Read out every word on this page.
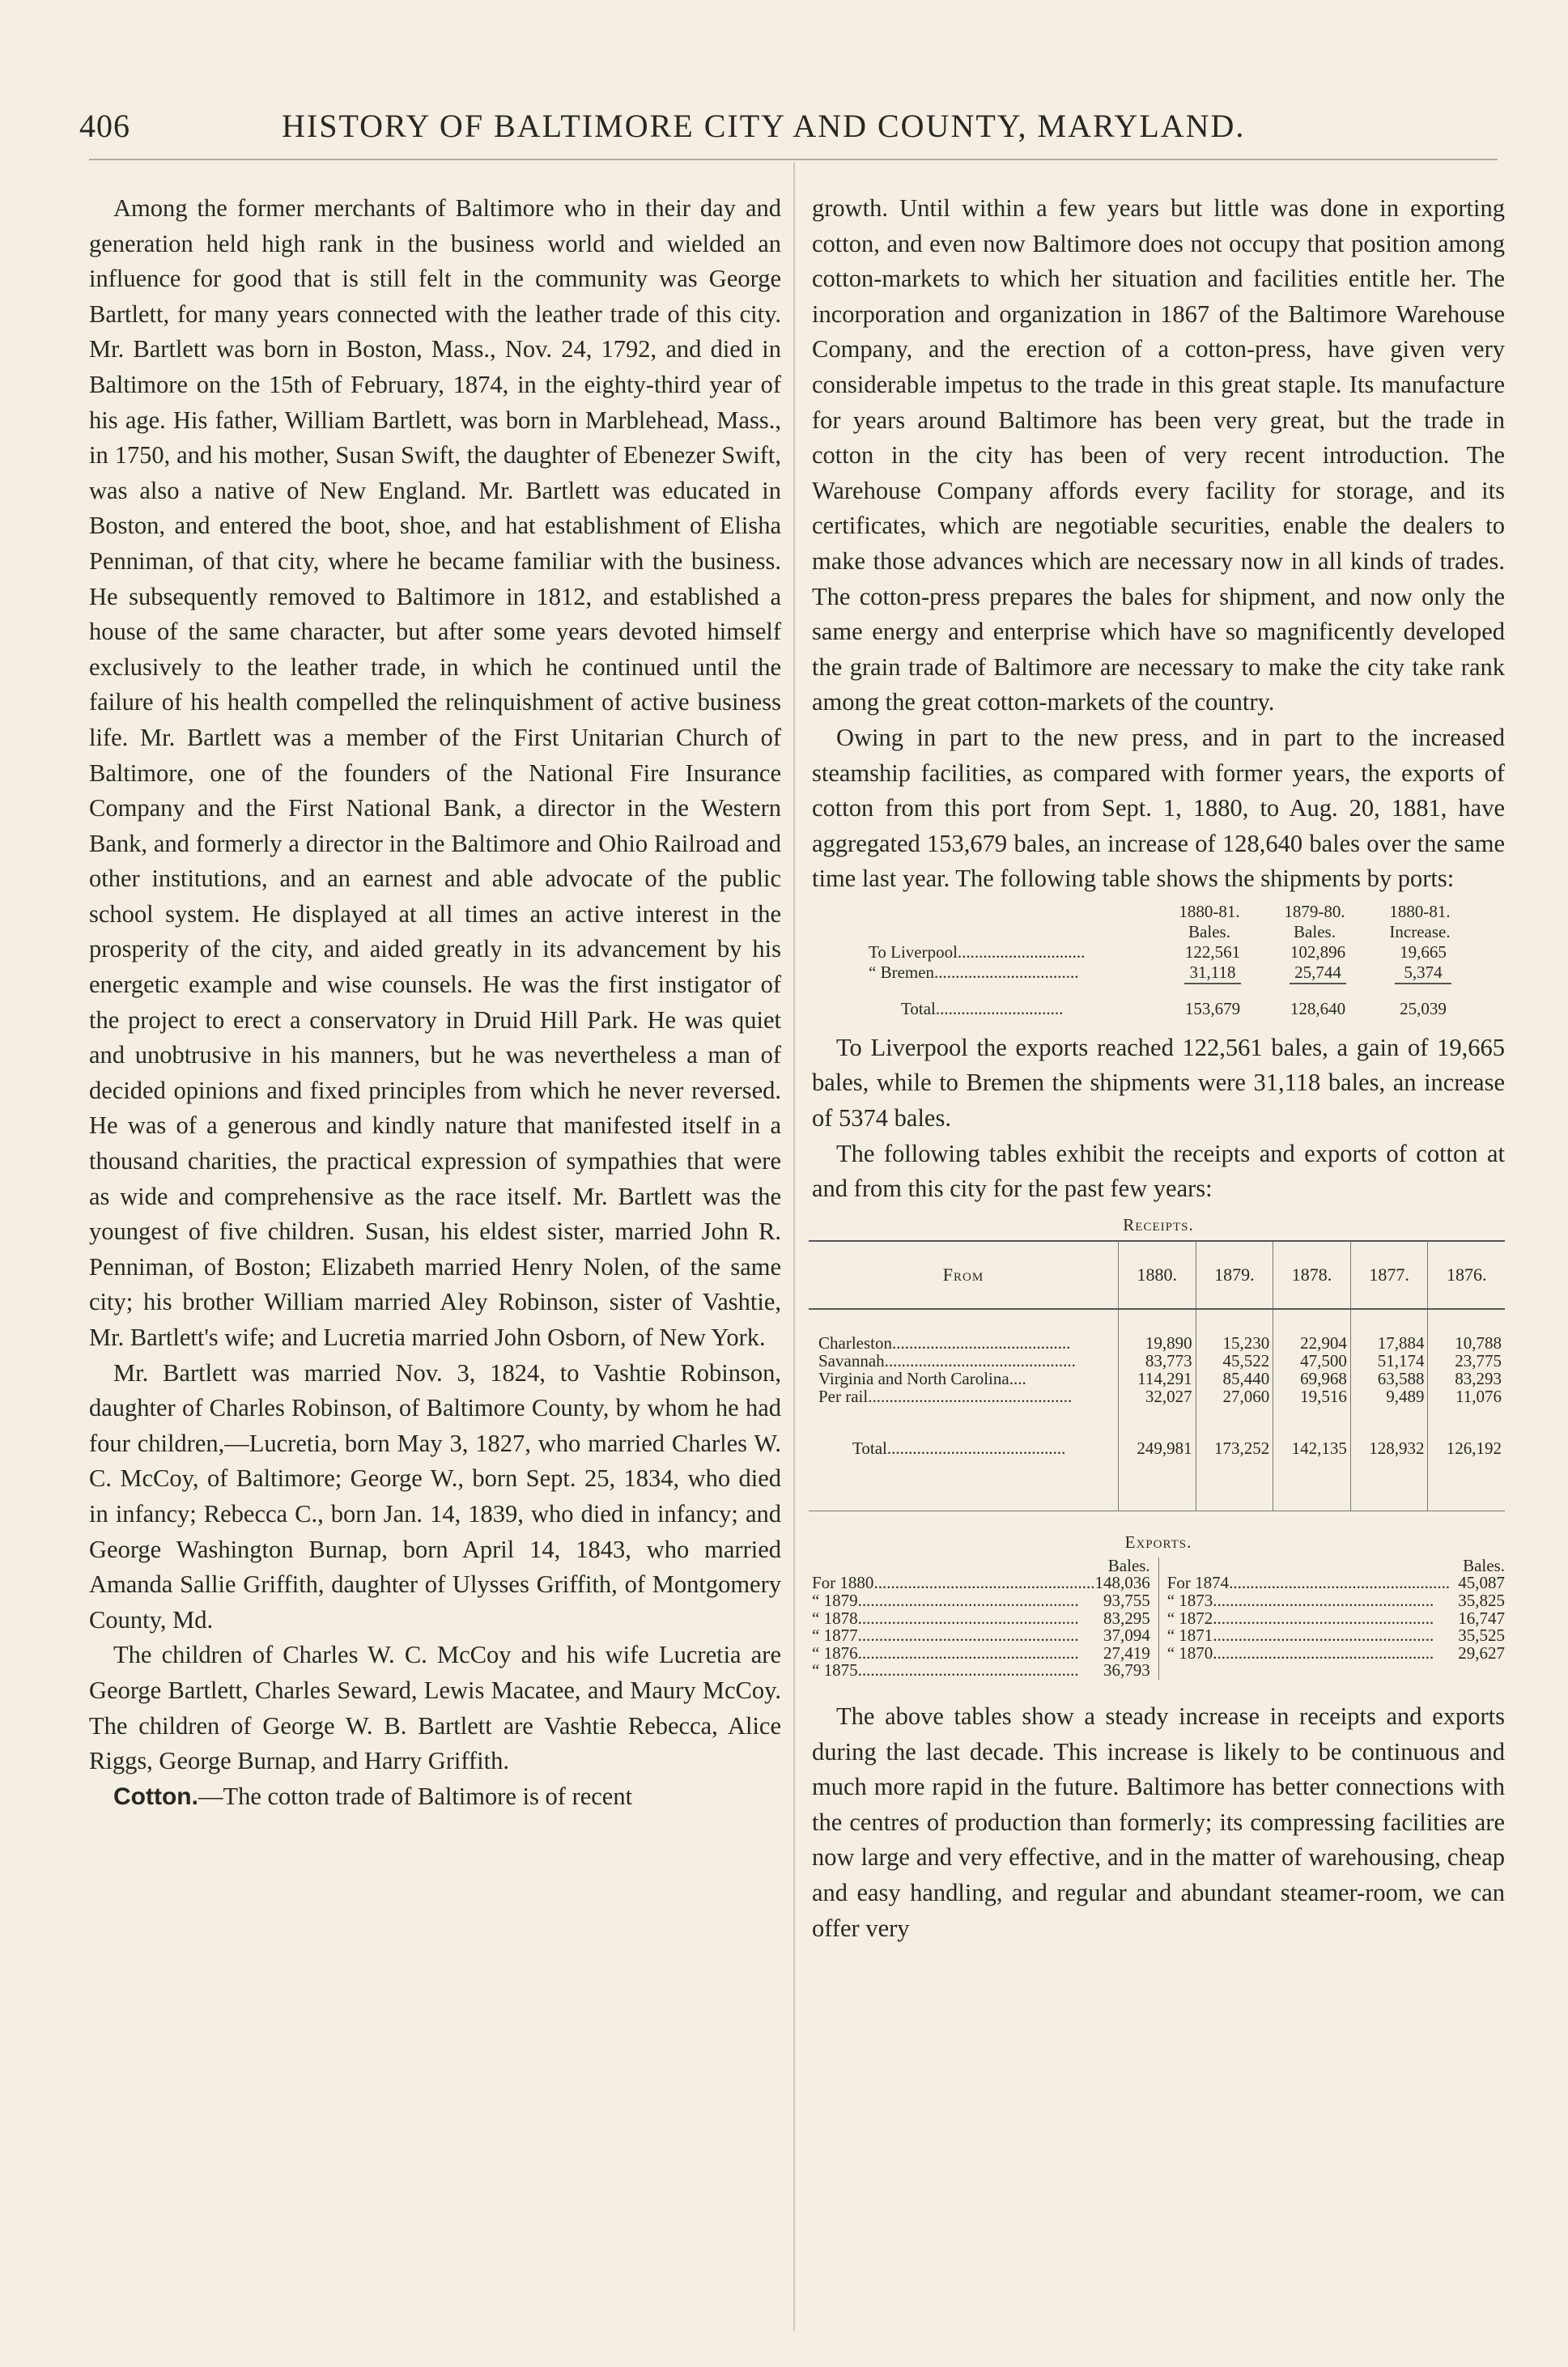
406	HISTORY OF BALTIMORE CITY AND COUNTY, MARYLAND.

Among the former merchants of Baltimore who in their day and generation held high rank in the business world and wielded an influence for good that is still felt in the community was George Bartlett, for many years connected with the leather trade of this city. Mr. Bartlett was born in Boston, Mass., Nov. 24, 1792, and died in Baltimore on the 15th of February, 1874, in the eighty-third year of his age. His father, William Bartlett, was born in Marblehead, Mass., in 1750, and his mother, Susan Swift, the daughter of Ebenezer Swift, was also a native of New England. Mr. Bartlett was educated in Boston, and entered the boot, shoe, and hat establishment of Elisha Penniman, of that city, where he became familiar with the business. He subsequently removed to Baltimore in 1812, and established a house of the same character, but after some years devoted himself exclusively to the leather trade, in which he continued until the failure of his health compelled the relinquishment of active business life. Mr. Bartlett was a member of the First Unitarian Church of Baltimore, one of the founders of the National Fire Insurance Company and the First National Bank, a director in the Western Bank, and formerly a director in the Baltimore and Ohio Railroad and other institutions, and an earnest and able advocate of the public school system. He displayed at all times an active interest in the prosperity of the city, and aided greatly in its advancement by his energetic example and wise counsels. He was the first instigator of the project to erect a conservatory in Druid Hill Park. He was quiet and unobtrusive in his manners, but he was nevertheless a man of decided opinions and fixed principles from which he never reversed. He was of a generous and kindly nature that manifested itself in a thousand charities, the practical expression of sympathies that were as wide and comprehensive as the race itself. Mr. Bartlett was the youngest of five children. Susan, his eldest sister, married John R. Penniman, of Boston; Elizabeth married Henry Nolen, of the same city; his brother William married Aley Robinson, sister of Vashtie, Mr. Bartlett's wife; and Lucretia married John Osborn, of New York.

Mr. Bartlett was married Nov. 3, 1824, to Vashtie Robinson, daughter of Charles Robinson, of Baltimore County, by whom he had four children,—Lucretia, born May 3, 1827, who married Charles W. C. McCoy, of Baltimore; George W., born Sept. 25, 1834, who died in infancy; Rebecca C., born Jan. 14, 1839, who died in infancy; and George Washington Burnap, born April 14, 1843, who married Amanda Sallie Griffith, daughter of Ulysses Griffith, of Montgomery County, Md.

The children of Charles W. C. McCoy and his wife Lucretia are George Bartlett, Charles Seward, Lewis Macatee, and Maury McCoy. The children of George W. B. Bartlett are Vashtie Rebecca, Alice Riggs, George Burnap, and Harry Griffith.

Cotton.—The cotton trade of Baltimore is of recent

growth. Until within a few years but little was done in exporting cotton, and even now Baltimore does not occupy that position among cotton-markets to which her situation and facilities entitle her. The incorporation and organization in 1867 of the Baltimore Warehouse Company, and the erection of a cotton-press, have given very considerable impetus to the trade in this great staple. Its manufacture for years around Baltimore has been very great, but the trade in cotton in the city has been of very recent introduction. The Warehouse Company affords every facility for storage, and its certificates, which are negotiable securities, enable the dealers to make those advances which are necessary now in all kinds of trades. The cotton-press prepares the bales for shipment, and now only the same energy and enterprise which have so magnificently developed the grain trade of Baltimore are necessary to make the city take rank among the great cotton-markets of the country.

Owing in part to the new press, and in part to the increased steamship facilities, as compared with former years, the exports of cotton from this port from Sept. 1, 1880, to Aug. 20, 1881, have aggregated 153,679 bales, an increase of 128,640 bales over the same time last year. The following table shows the shipments by ports:

1880-81.	1879-80.	1880-81.
Bales.	Bales.	Increase.
To Liverpool..............................	122,561	102,896	19,665
“ Bremen..................................	31,118	25,744	5,374
Total..............................	153,679	128,640	25,039

To Liverpool the exports reached 122,561 bales, a gain of 19,665 bales, while to Bremen the shipments were 31,118 bales, an increase of 5374 bales.

The following tables exhibit the receipts and exports of cotton at and from this city for the past few years:

Receipts.
From	1880.	1879.	1878.	1877.	1876.

Charleston..........................................	19,890	15,230	22,904	17,884	10,788
Savannah.............................................	83,773	45,522	47,500	51,174	23,775
Virginia and North Carolina....	114,291	85,440	69,968	63,588	83,293
Per rail................................................	32,027	27,060	19,516	9,489	11,076

Total..........................................	249,981	173,252	142,135	128,932	126,192

Exports.
Bales.
For 1880 .................................................... 148,036
“ 1879 ....................................................	93,755
“ 1878 ....................................................	83,295
“ 1877 ....................................................	37,094
“ 1876 ....................................................	27,419
“ 1875 ....................................................	36,793
Bales.
For 1874 .................................................... 45,087
“ 1873 ....................................................	35,825
“ 1872 ....................................................	16,747
“ 1871 ....................................................	35,525
“ 1870 ....................................................	29,627

The above tables show a steady increase in receipts and exports during the last decade. This increase is likely to be continuous and much more rapid in the future. Baltimore has better connections with the centres of production than formerly; its compressing facilities are now large and very effective, and in the matter of warehousing, cheap and easy handling, and regular and abundant steamer-room, we can offer very
